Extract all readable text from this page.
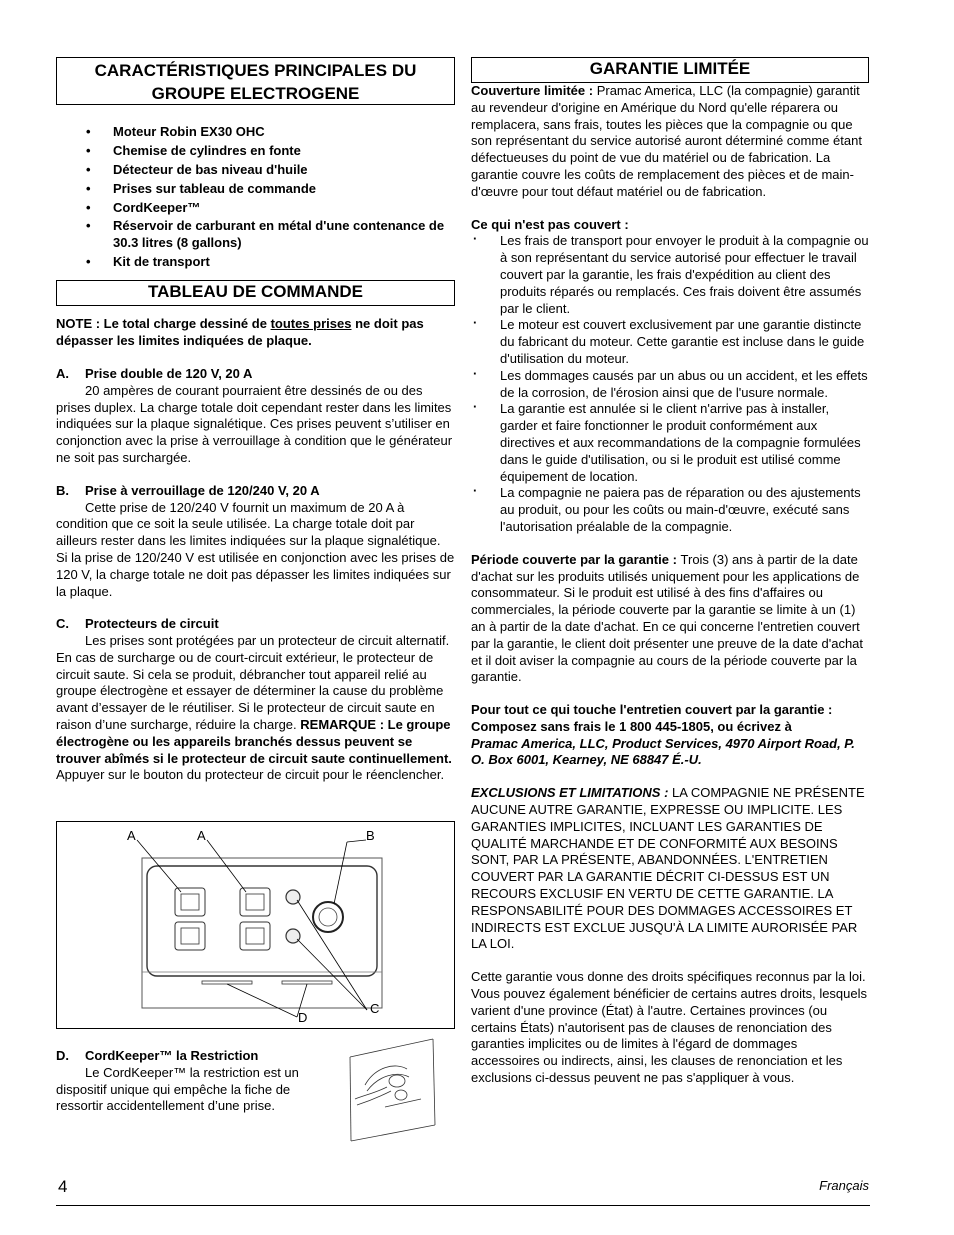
CARACTÉRISTIQUES PRINCIPALES DU GROUPE ELECTROGENE
• Moteur Robin EX30 OHC
• Chemise de cylindres en fonte
• Détecteur de bas niveau d'huile
• Prises sur tableau de commande
• CordKeeper™
• Réservoir de carburant en métal d'une contenance de 30.3 litres (8 gallons)
• Kit de transport
TABLEAU DE COMMANDE

NOTE : Le total charge dessiné de toutes prises ne doit pas dépasser les limites indiquées de plaque.

A. Prise double de 120 V, 20 A

20 ampères de courant pourraient être dessinés de ou des prises duplex. La charge totale doit cependant rester dans les limites indiquées sur la plaque signalétique. Ces prises peuvent s’utiliser en conjonction avec la prise à verrouillage à condition que le générateur ne soit pas surchargée.

B. Prise à verrouillage de 120/240 V, 20 A

Cette prise de 120/240 V fournit un maximum de 20 A à condition que ce soit la seule utilisée. La charge totale doit par ailleurs rester dans les limites indiquées sur la plaque signalétique. Si la prise de 120/240 V est utilisée en conjonction avec les prises de 120 V, la charge totale ne doit pas dépasser les limites indiquées sur la plaque.

C. Protecteurs de circuit

Les prises sont protégées par un protecteur de circuit alternatif. En cas de surcharge ou de court-circuit extérieur, le protecteur de circuit saute. Si cela se produit, débrancher tout appareil relié au groupe électrogène et essayer de déterminer la cause du problème avant d’essayer de le réutiliser. Si le protecteur de circuit saute en raison d’une surcharge, réduire la charge. REMARQUE : Le groupe électrogène ou les appareils branchés dessus peuvent se trouver abîmés si le protecteur de circuit saute continuellement. Appuyer sur le bouton du protecteur de circuit pour le réenclencher.

A	A	B
C
D
D. CordKeeper™ la Restriction

Le CordKeeper™ la restriction est un dispositif unique qui empêche la fiche de ressortir accidentellement d’une prise.

GARANTIE LIMITÉE

Couverture limitée : Pramac America, LLC (la compagnie) garantit au revendeur d'origine en Amérique du Nord qu'elle réparera ou remplacera, sans frais, toutes les pièces que la compagnie ou que son représentant du service autorisé auront déterminé comme étant défectueuses du point de vue du matériel ou de fabrication. La garantie couvre les coûts de remplacement des pièces et de main-d'œuvre pour tout défaut matériel ou de fabrication.

Ce qui n'est pas couvert :
· Les frais de transport pour envoyer le produit à la compagnie ou à son représentant du service autorisé pour effectuer le travail couvert par la garantie, les frais d'expédition au client des produits réparés ou remplacés. Ces frais doivent être assumés par le client.
· Le moteur est couvert exclusivement par une garantie distincte du fabricant du moteur. Cette garantie est incluse dans le guide d'utilisation du moteur.
· Les dommages causés par un abus ou un accident, et les effets de la corrosion, de l'érosion ainsi que de l'usure normale.
· La garantie est annulée si le client n'arrive pas à installer, garder et faire fonctionner le produit conformément aux directives et aux recommandations de la compagnie formulées dans le guide d'utilisation, ou si le produit est utilisé comme équipement de location.
· La compagnie ne paiera pas de réparation ou des ajustements au produit, ou pour les coûts ou main-d'œuvre, exécuté sans l'autorisation préalable de la compagnie.

Période couverte par la garantie : Trois (3) ans à partir de la date d'achat sur les produits utilisés uniquement pour les applications de consommateur. Si le produit est utilisé à des fins d'affaires ou commerciales, la période couverte par la garantie se limite à un (1) an à partir de la date d'achat. En ce qui concerne l'entretien couvert par la garantie, le client doit présenter une preuve de la date d'achat et il doit aviser la compagnie au cours de la période couverte par la garantie.

Pour tout ce qui touche l'entretien couvert par la garantie : Composez sans frais le 1 800 445-1805, ou écrivez à

Pramac America, LLC, Product Services, 4970 Airport Road, P. O. Box 6001, Kearney, NE 68847 É.-U.

EXCLUSIONS ET LIMITATIONS : LA COMPAGNIE NE PRÉSENTE AUCUNE AUTRE GARANTIE, EXPRESSE OU IMPLICITE. LES GARANTIES IMPLICITES, INCLUANT LES GARANTIES DE QUALITÉ MARCHANDE ET DE CONFORMITÉ AUX BESOINS SONT, PAR LA PRÉSENTE, ABANDONNÉES. L'ENTRETIEN COUVERT PAR LA GARANTIE DÉCRIT CI-DESSUS EST UN RECOURS EXCLUSIF EN VERTU DE CETTE GARANTIE. LA RESPONSABILITÉ POUR DES DOMMAGES ACCESSOIRES ET INDIRECTS EST EXCLUE JUSQU'À LA LIMITE AURORISÉE PAR LA LOI.

Cette garantie vous donne des droits spécifiques reconnus par la loi. Vous pouvez également bénéficier de certains autres droits, lesquels varient d'une province (État) à l'autre. Certaines provinces (ou certains États) n'autorisent pas de clauses de renonciation des garanties implicites ou de limites à l'égard de dommages accessoires ou indirects, ainsi, les clauses de renonciation et les exclusions ci-dessus peuvent ne pas s'appliquer à vous.

4	Français
